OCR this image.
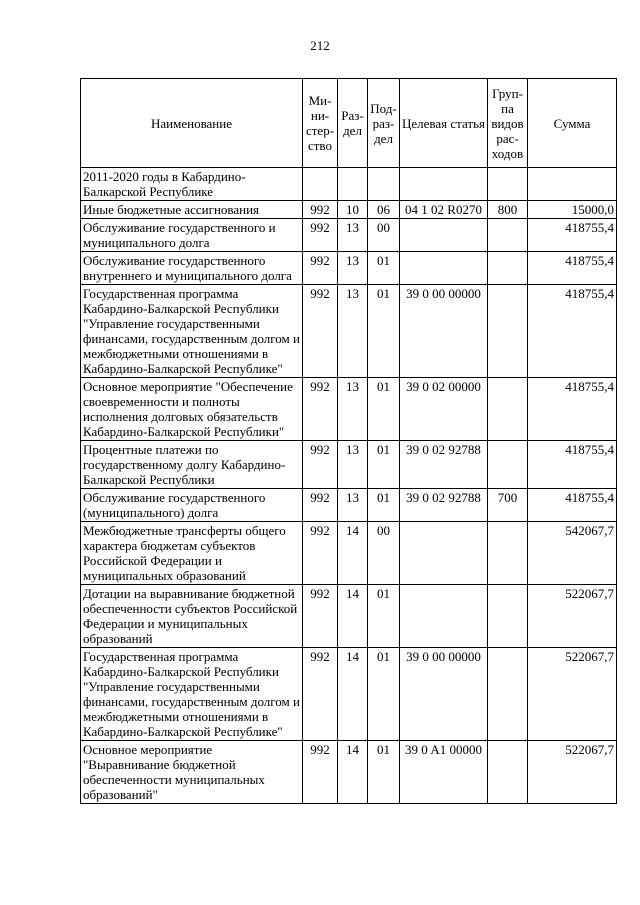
212
Наименование	Ми-ни-стер-ство	Раз-дел	Под-раз-дел	Целевая статья	Груп-па видов рас-ходов	Сумма
2011-2020 годы в Кабардино-Балкарской Республике						
Иные бюджетные ассигнования	992	10	06	04 1 02 R0270	800	15000,0
Обслуживание государственного и муниципального долга	992	13	00			418755,4
Обслуживание государственного внутреннего и муниципального долга	992	13	01			418755,4
Государственная программа Кабардино-Балкарской Республики "Управление государственными финансами, государственным долгом и межбюджетными отношениями в Кабардино-Балкарской Республике"	992	13	01	39 0 00 00000		418755,4
Основное мероприятие "Обеспечение своевременности и полноты исполнения долговых обязательств Кабардино-Балкарской Республики"	992	13	01	39 0 02 00000		418755,4
Процентные платежи по государственному долгу Кабардино-Балкарской Республики	992	13	01	39 0 02 92788		418755,4
Обслуживание государственного (муниципального) долга	992	13	01	39 0 02 92788	700	418755,4
Межбюджетные трансферты общего характера бюджетам субъектов Российской Федерации и муниципальных образований	992	14	00			542067,7
Дотации на выравнивание бюджетной обеспеченности субъектов Российской Федерации и муниципальных образований	992	14	01			522067,7
Государственная программа Кабардино-Балкарской Республики "Управление государственными финансами, государственным долгом и межбюджетными отношениями в Кабардино-Балкарской Республике"	992	14	01	39 0 00 00000		522067,7
Основное мероприятие "Выравнивание бюджетной обеспеченности муниципальных образований"	992	14	01	39 0 A1 00000		522067,7
